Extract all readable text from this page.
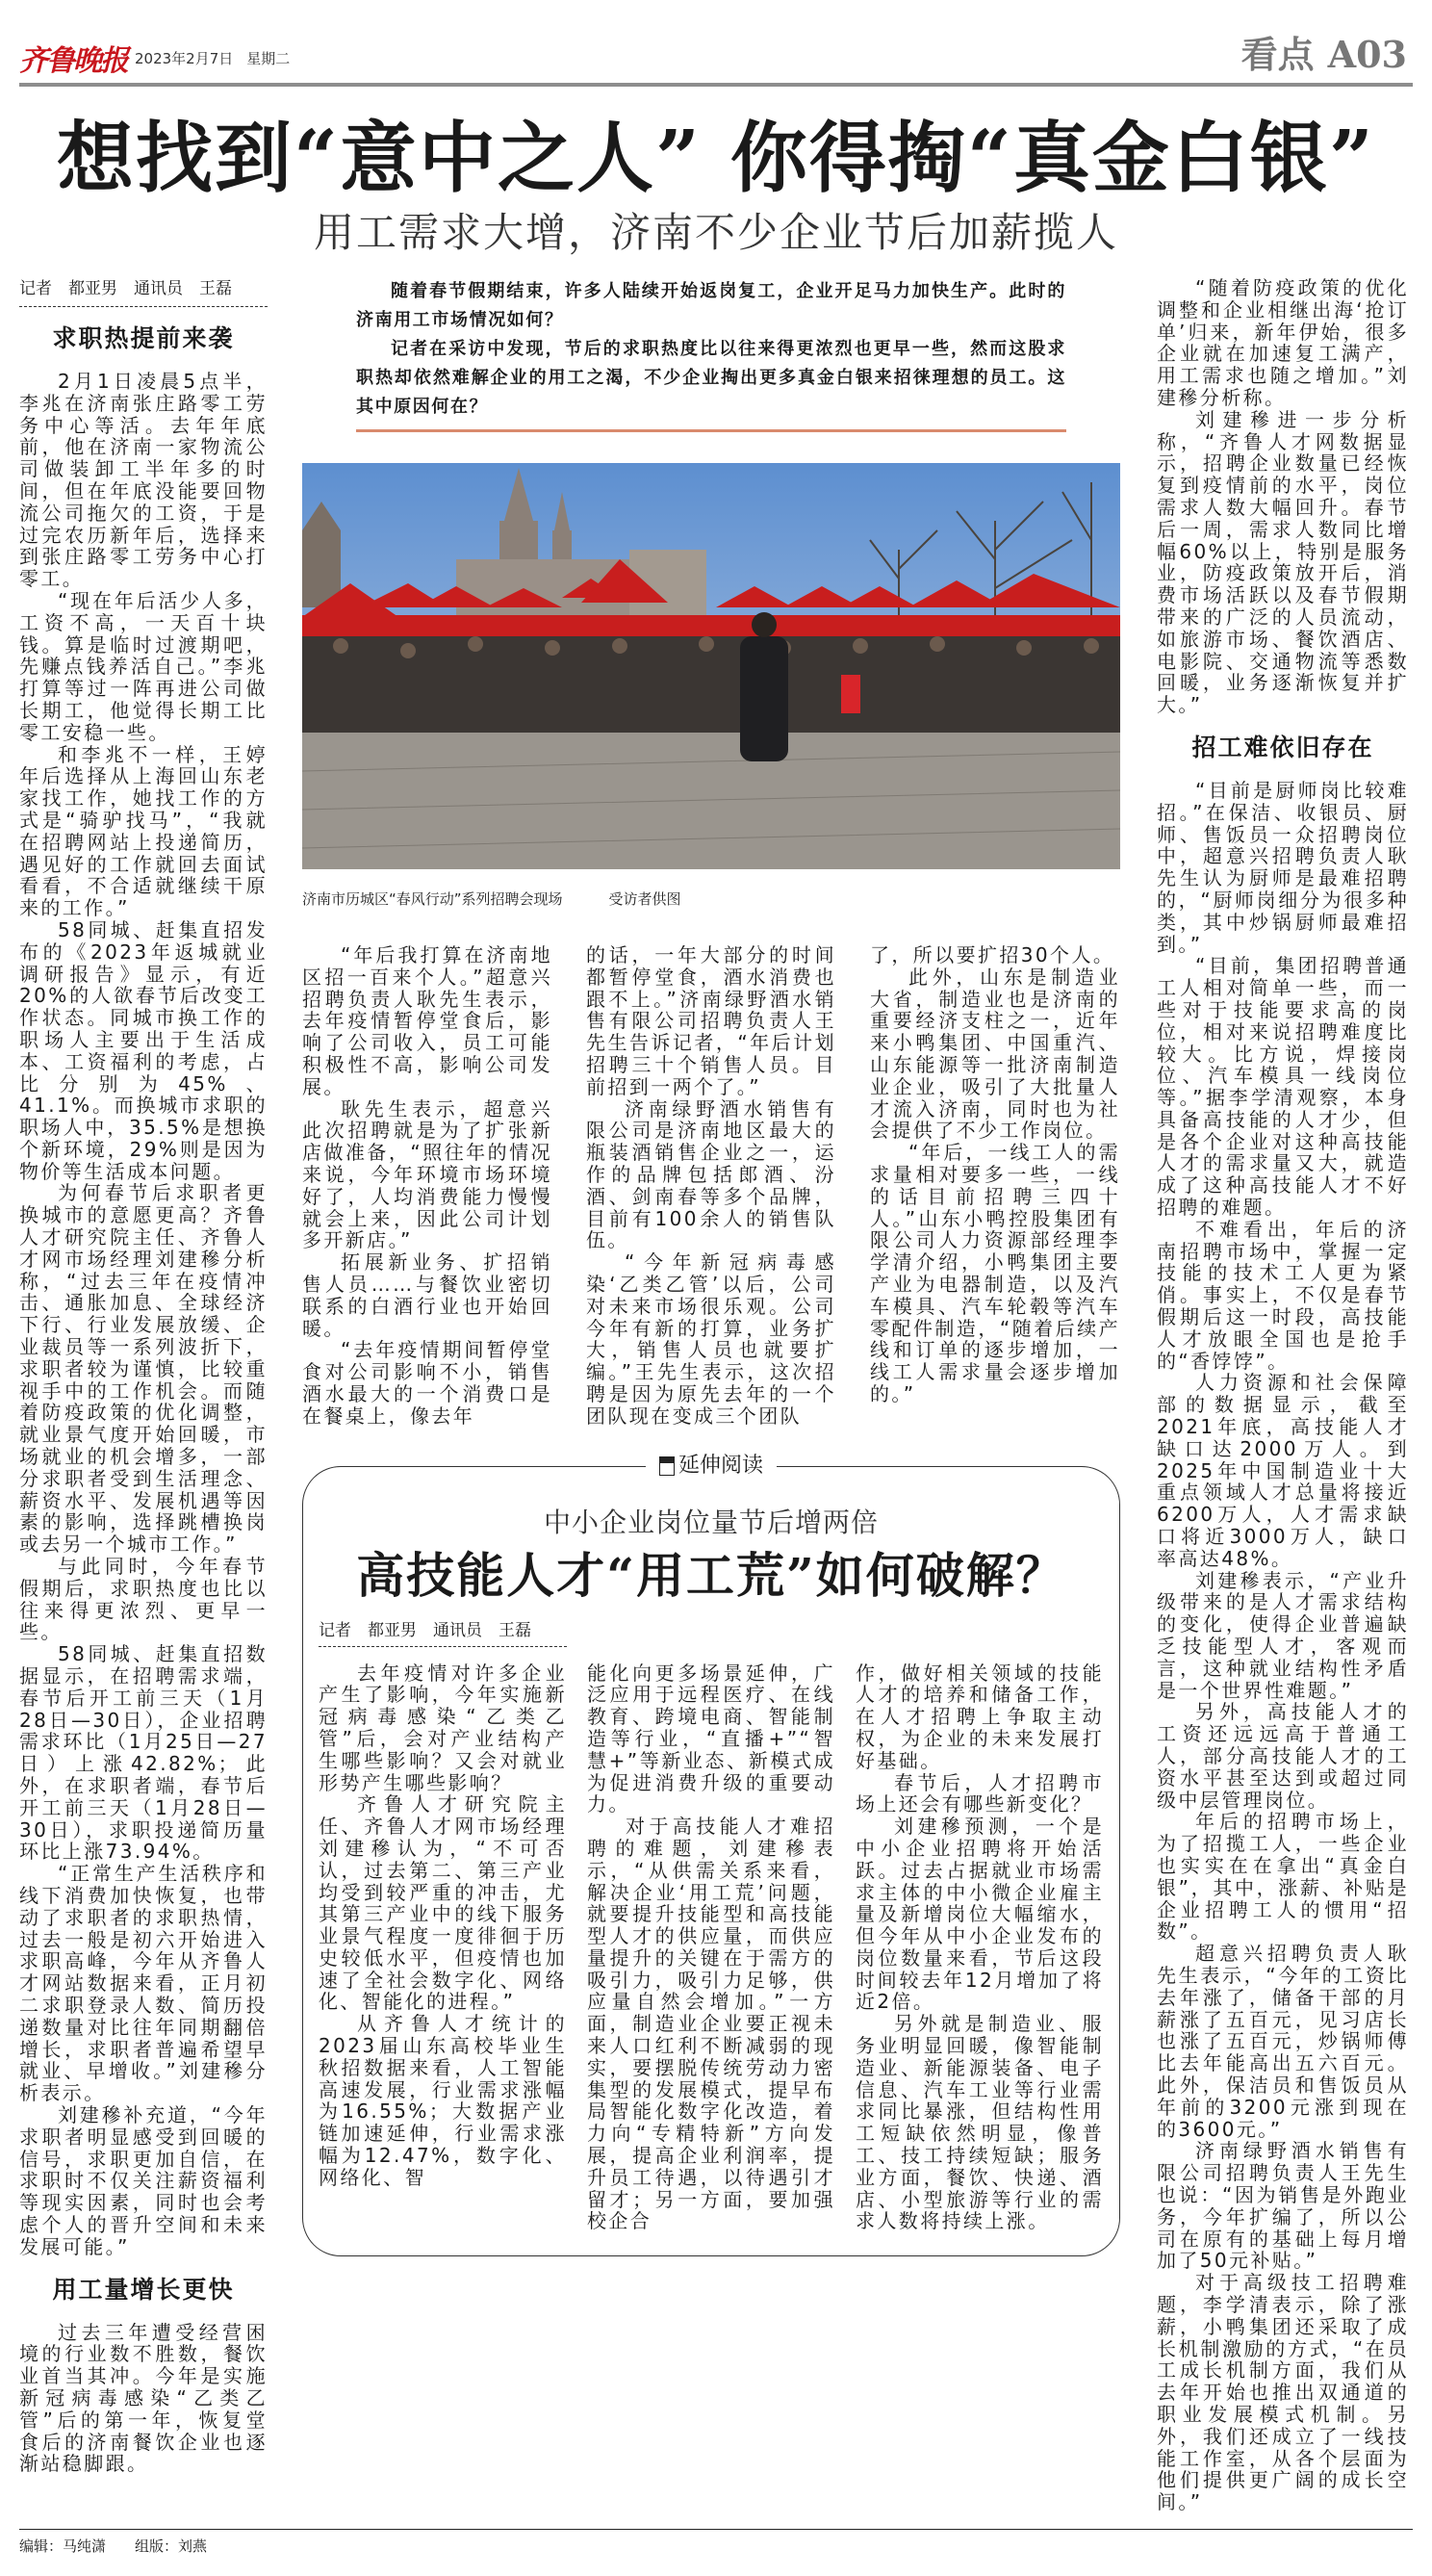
齐鲁晚报 2023年2月7日 星期二	看点 A03
想找到“意中之人” 你得掏“真金白银”
用工需求大增，济南不少企业节后加薪揽人
记者　都亚男　通讯员　王磊
求职热提前来袭

2月1日凌晨5点半，李兆在济南张庄路零工劳务中心等活。去年年底前，他在济南一家物流公司做装卸工半年多的时间，但在年底没能要回物流公司拖欠的工资，于是过完农历新年后，选择来到张庄路零工劳务中心打零工。

“现在年后活少人多，工资不高，一天百十块钱。算是临时过渡期吧，先赚点钱养活自己。”李兆打算等过一阵再进公司做长期工，他觉得长期工比零工安稳一些。

和李兆不一样，王婷年后选择从上海回山东老家找工作，她找工作的方式是“骑驴找马”，“我就在招聘网站上投递简历，遇见好的工作就回去面试看看，不合适就继续干原来的工作。”

58同城、赶集直招发布的《2023年返城就业调研报告》显示，有近20%的人欲春节后改变工作状态。同城市换工作的职场人主要出于生活成本、工资福利的考虑，占比分别为45%、41.1%。而换城市求职的职场人中，35.5%是想换个新环境，29%则是因为物价等生活成本问题。

为何春节后求职者更换城市的意愿更高？齐鲁人才研究院主任、齐鲁人才网市场经理刘建穇分析称，“过去三年在疫情冲击、通胀加息、全球经济下行、行业发展放缓、企业裁员等一系列波折下，求职者较为谨慎，比较重视手中的工作机会。而随着防疫政策的优化调整，就业景气度开始回暖，市场就业的机会增多，一部分求职者受到生活理念、薪资水平、发展机遇等因素的影响，选择跳槽换岗或去另一个城市工作。”

与此同时，今年春节假期后，求职热度也比以往来得更浓烈、更早一些。

58同城、赶集直招数据显示，在招聘需求端，春节后开工前三天（1月28日—30日），企业招聘需求环比（1月25日—27日）上涨42.82%；此外，在求职者端，春节后开工前三天（1月28日—30日），求职投递简历量环比上涨73.94%。

“正常生产生活秩序和线下消费加快恢复，也带动了求职者的求职热情，过去一般是初六开始进入求职高峰，今年从齐鲁人才网站数据来看，正月初二求职登录人数、简历投递数量对比往年同期翻倍增长，求职者普遍希望早就业、早增收。”刘建穇分析表示。

刘建穇补充道，“今年求职者明显感受到回暖的信号，求职更加自信，在求职时不仅关注薪资福利等现实因素，同时也会考虑个人的晋升空间和未来发展可能。”

用工量增长更快

过去三年遭受经营困境的行业数不胜数，餐饮业首当其冲。今年是实施新冠病毒感染“乙类乙管”后的第一年，恢复堂食后的济南餐饮企业也逐渐站稳脚跟。

随着春节假期结束，许多人陆续开始返岗复工，企业开足马力加快生产。此时的济南用工市场情况如何？

记者在采访中发现，节后的求职热度比以往来得更浓烈也更早一些，然而这股求职热却依然难解企业的用工之渴，不少企业掏出更多真金白银来招徕理想的员工。这其中原因何在？

济南市历城区“春风行动”系列招聘会现场	受访者供图

“年后我打算在济南地区招一百来个人。”超意兴招聘负责人耿先生表示，去年疫情暂停堂食后，影响了公司收入，员工可能积极性不高，影响公司发展。

耿先生表示，超意兴此次招聘就是为了扩张新店做准备，“照往年的情况来说，今年环境市场环境好了，人均消费能力慢慢就会上来，因此公司计划多开新店。”

拓展新业务、扩招销售人员……与餐饮业密切联系的白酒行业也开始回暖。

“去年疫情期间暂停堂食对公司影响不小，销售酒水最大的一个消费口是在餐桌上，像去年

的话，一年大部分的时间都暂停堂食，酒水消费也跟不上。”济南绿野酒水销售有限公司招聘负责人王先生告诉记者，“年后计划招聘三十个销售人员。目前招到一两个了。”

济南绿野酒水销售有限公司是济南地区最大的瓶装酒销售企业之一，运作的品牌包括郎酒、汾酒、剑南春等多个品牌，目前有100余人的销售队伍。

“今年新冠病毒感染‘乙类乙管’以后，公司对未来市场很乐观。公司今年有新的打算，业务扩大，销售人员也就要扩编。”王先生表示，这次招聘是因为原先去年的一个团队现在变成三个团队

了，所以要扩招30个人。

此外，山东是制造业大省，制造业也是济南的重要经济支柱之一，近年来小鸭集团、中国重汽、山东能源等一批济南制造业企业，吸引了大批量人才流入济南，同时也为社会提供了不少工作岗位。

“年后，一线工人的需求量相对要多一些，一线的话目前招聘三四十人。”山东小鸭控股集团有限公司人力资源部经理李学清介绍，小鸭集团主要产业为电器制造，以及汽车模具、汽车轮毂等汽车零配件制造，“随着后续产线和订单的逐步增加，一线工人需求量会逐步增加的。”

延伸阅读
中小企业岗位量节后增两倍
高技能人才“用工荒”如何破解？
记者　都亚男　通讯员　王磊

去年疫情对许多企业产生了影响，今年实施新冠病毒感染“乙类乙管”后，会对产业结构产生哪些影响？又会对就业形势产生哪些影响？

齐鲁人才研究院主任、齐鲁人才网市场经理刘建穇认为，“不可否认，过去第二、第三产业均受到较严重的冲击，尤其第三产业中的线下服务业景气程度一度徘徊于历史较低水平，但疫情也加速了全社会数字化、网络化、智能化的进程。”

从齐鲁人才统计的2023届山东高校毕业生秋招数据来看，人工智能高速发展，行业需求涨幅为16.55%；大数据产业链加速延伸，行业需求涨幅为12.47%，数字化、网络化、智

能化向更多场景延伸，广泛应用于远程医疗、在线教育、跨境电商、智能制造等行业，“直播+”“智慧+”等新业态、新模式成为促进消费升级的重要动力。

对于高技能人才难招聘的难题，刘建穇表示，“从供需关系来看，解决企业‘用工荒’问题，就要提升技能型和高技能型人才的供应量，而供应量提升的关键在于需方的吸引力，吸引力足够，供应量自然会增加。”一方面，制造业企业要正视未来人口红利不断减弱的现实，要摆脱传统劳动力密集型的发展模式，提早布局智能化数字化改造，着力向“专精特新”方向发展，提高企业利润率，提升员工待遇，以待遇引才留才；另一方面，要加强校企合

作，做好相关领域的技能人才的培养和储备工作，在人才招聘上争取主动权，为企业的未来发展打好基础。

春节后，人才招聘市场上还会有哪些新变化？

刘建穇预测，一个是中小企业招聘将开始活跃。过去占据就业市场需求主体的中小微企业雇主量及新增岗位大幅缩水，但今年从中小企业发布的岗位数量来看，节后这段时间较去年12月增加了将近2倍。

另外就是制造业、服务业明显回暖，像智能制造业、新能源装备、电子信息、汽车工业等行业需求同比暴涨，但结构性用工短缺依然明显，像普工、技工持续短缺；服务业方面，餐饮、快递、酒店、小型旅游等行业的需求人数将持续上涨。

“随着防疫政策的优化调整和企业相继出海‘抢订单’归来，新年伊始，很多企业就在加速复工满产，用工需求也随之增加。”刘建穇分析称。

刘建穇进一步分析称，“齐鲁人才网数据显示，招聘企业数量已经恢复到疫情前的水平，岗位需求人数大幅回升。春节后一周，需求人数同比增幅60%以上，特别是服务业，防疫政策放开后，消费市场活跃以及春节假期带来的广泛的人员流动，如旅游市场、餐饮酒店、电影院、交通物流等悉数回暖，业务逐渐恢复并扩大。”

招工难依旧存在

“目前是厨师岗比较难招。”在保洁、收银员、厨师、售饭员一众招聘岗位中，超意兴招聘负责人耿先生认为厨师是最难招聘的，“厨师岗细分为很多种类，其中炒锅厨师最难招到。”

“目前，集团招聘普通工人相对简单一些，而一些对于技能要求高的岗位，相对来说招聘难度比较大。比方说，焊接岗位、汽车模具一线岗位等。”据李学清观察，本身具备高技能的人才少，但是各个企业对这种高技能人才的需求量又大，就造成了这种高技能人才不好招聘的难题。

不难看出，年后的济南招聘市场中，掌握一定技能的技术工人更为紧俏。事实上，不仅是春节假期后这一时段，高技能人才放眼全国也是抢手的“香饽饽”。

人力资源和社会保障部的数据显示，截至2021年底，高技能人才缺口达2000万人。到2025年中国制造业十大重点领域人才总量将接近6200万人，人才需求缺口将近3000万人，缺口率高达48%。

刘建穇表示，“产业升级带来的是人才需求结构的变化，使得企业普遍缺乏技能型人才，客观而言，这种就业结构性矛盾是一个世界性难题。”

另外，高技能人才的工资还远远高于普通工人，部分高技能人才的工资水平甚至达到或超过同级中层管理岗位。

年后的招聘市场上，为了招揽工人，一些企业也实实在在拿出“真金白银”，其中，涨薪、补贴是企业招聘工人的惯用“招数”。

超意兴招聘负责人耿先生表示，“今年的工资比去年涨了，储备干部的月薪涨了五百元，见习店长也涨了五百元，炒锅师傅比去年能高出五六百元。此外，保洁员和售饭员从年前的3200元涨到现在的3600元。”

济南绿野酒水销售有限公司招聘负责人王先生也说：“因为销售是外跑业务，今年扩编了，所以公司在原有的基础上每月增加了50元补贴。”

对于高级技工招聘难题，李学清表示，除了涨薪，小鸭集团还采取了成长机制激励的方式，“在员工成长机制方面，我们从去年开始也推出双通道的职业发展模式机制。另外，我们还成立了一线技能工作室，从各个层面为他们提供更广阔的成长空间。”

编辑：马纯潇　　 组版：刘燕
